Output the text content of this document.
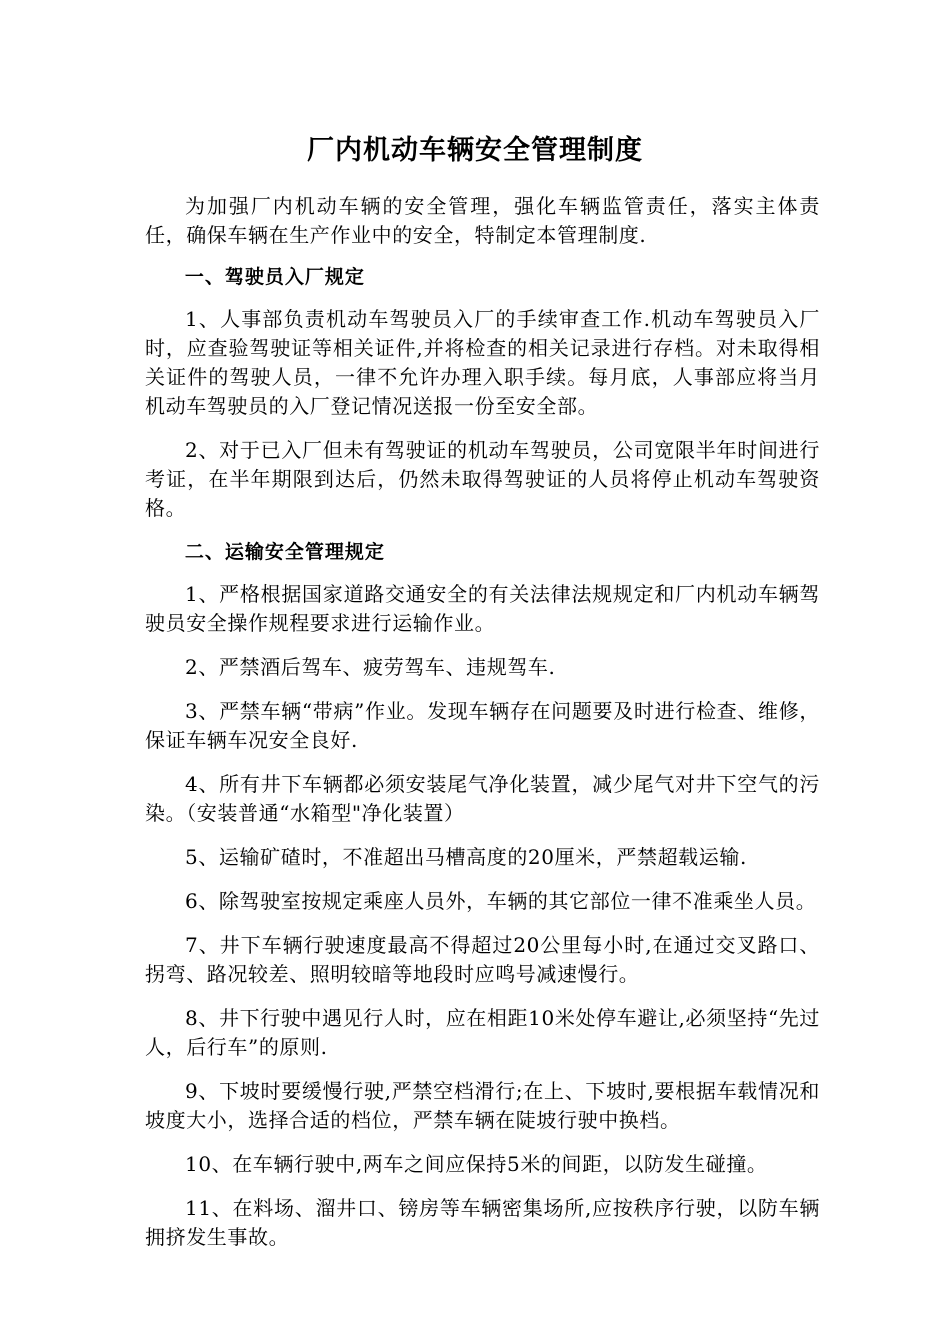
厂内机动车辆安全管理制度

为加强厂内机动车辆的安全管理，强化车辆监管责任，落实主体责任，确保车辆在生产作业中的安全，特制定本管理制度.

一、驾驶员入厂规定

1、人事部负责机动车驾驶员入厂的手续审查工作.机动车驾驶员入厂时，应查验驾驶证等相关证件,并将检查的相关记录进行存档。对未取得相关证件的驾驶人员，一律不允许办理入职手续。每月底，人事部应将当月机动车驾驶员的入厂登记情况送报一份至安全部。

2、对于已入厂但未有驾驶证的机动车驾驶员，公司宽限半年时间进行考证，在半年期限到达后，仍然未取得驾驶证的人员将停止机动车驾驶资格。

二、运输安全管理规定

1、严格根据国家道路交通安全的有关法律法规规定和厂内机动车辆驾驶员安全操作规程要求进行运输作业。

2、严禁酒后驾车、疲劳驾车、违规驾车.

3、严禁车辆“带病”作业。发现车辆存在问题要及时进行检查、维修，保证车辆车况安全良好.

4、所有井下车辆都必须安装尾气净化装置，减少尾气对井下空气的污染。（安装普通“水箱型"净化装置）

5、运输矿碴时，不准超出马槽高度的20厘米，严禁超载运输.

6、除驾驶室按规定乘座人员外，车辆的其它部位一律不准乘坐人员。

7、井下车辆行驶速度最高不得超过20公里每小时,在通过交叉路口、拐弯、路况较差、照明较暗等地段时应鸣号减速慢行。

8、井下行驶中遇见行人时，应在相距10米处停车避让,必须坚持“先过人，后行车”的原则.

9、下坡时要缓慢行驶,严禁空档滑行;在上、下坡时,要根据车载情况和坡度大小，选择合适的档位，严禁车辆在陡坡行驶中换档。

10、在车辆行驶中,两车之间应保持5米的间距，以防发生碰撞。

11、在料场、溜井口、镑房等车辆密集场所,应按秩序行驶，以防车辆拥挤发生事故。
